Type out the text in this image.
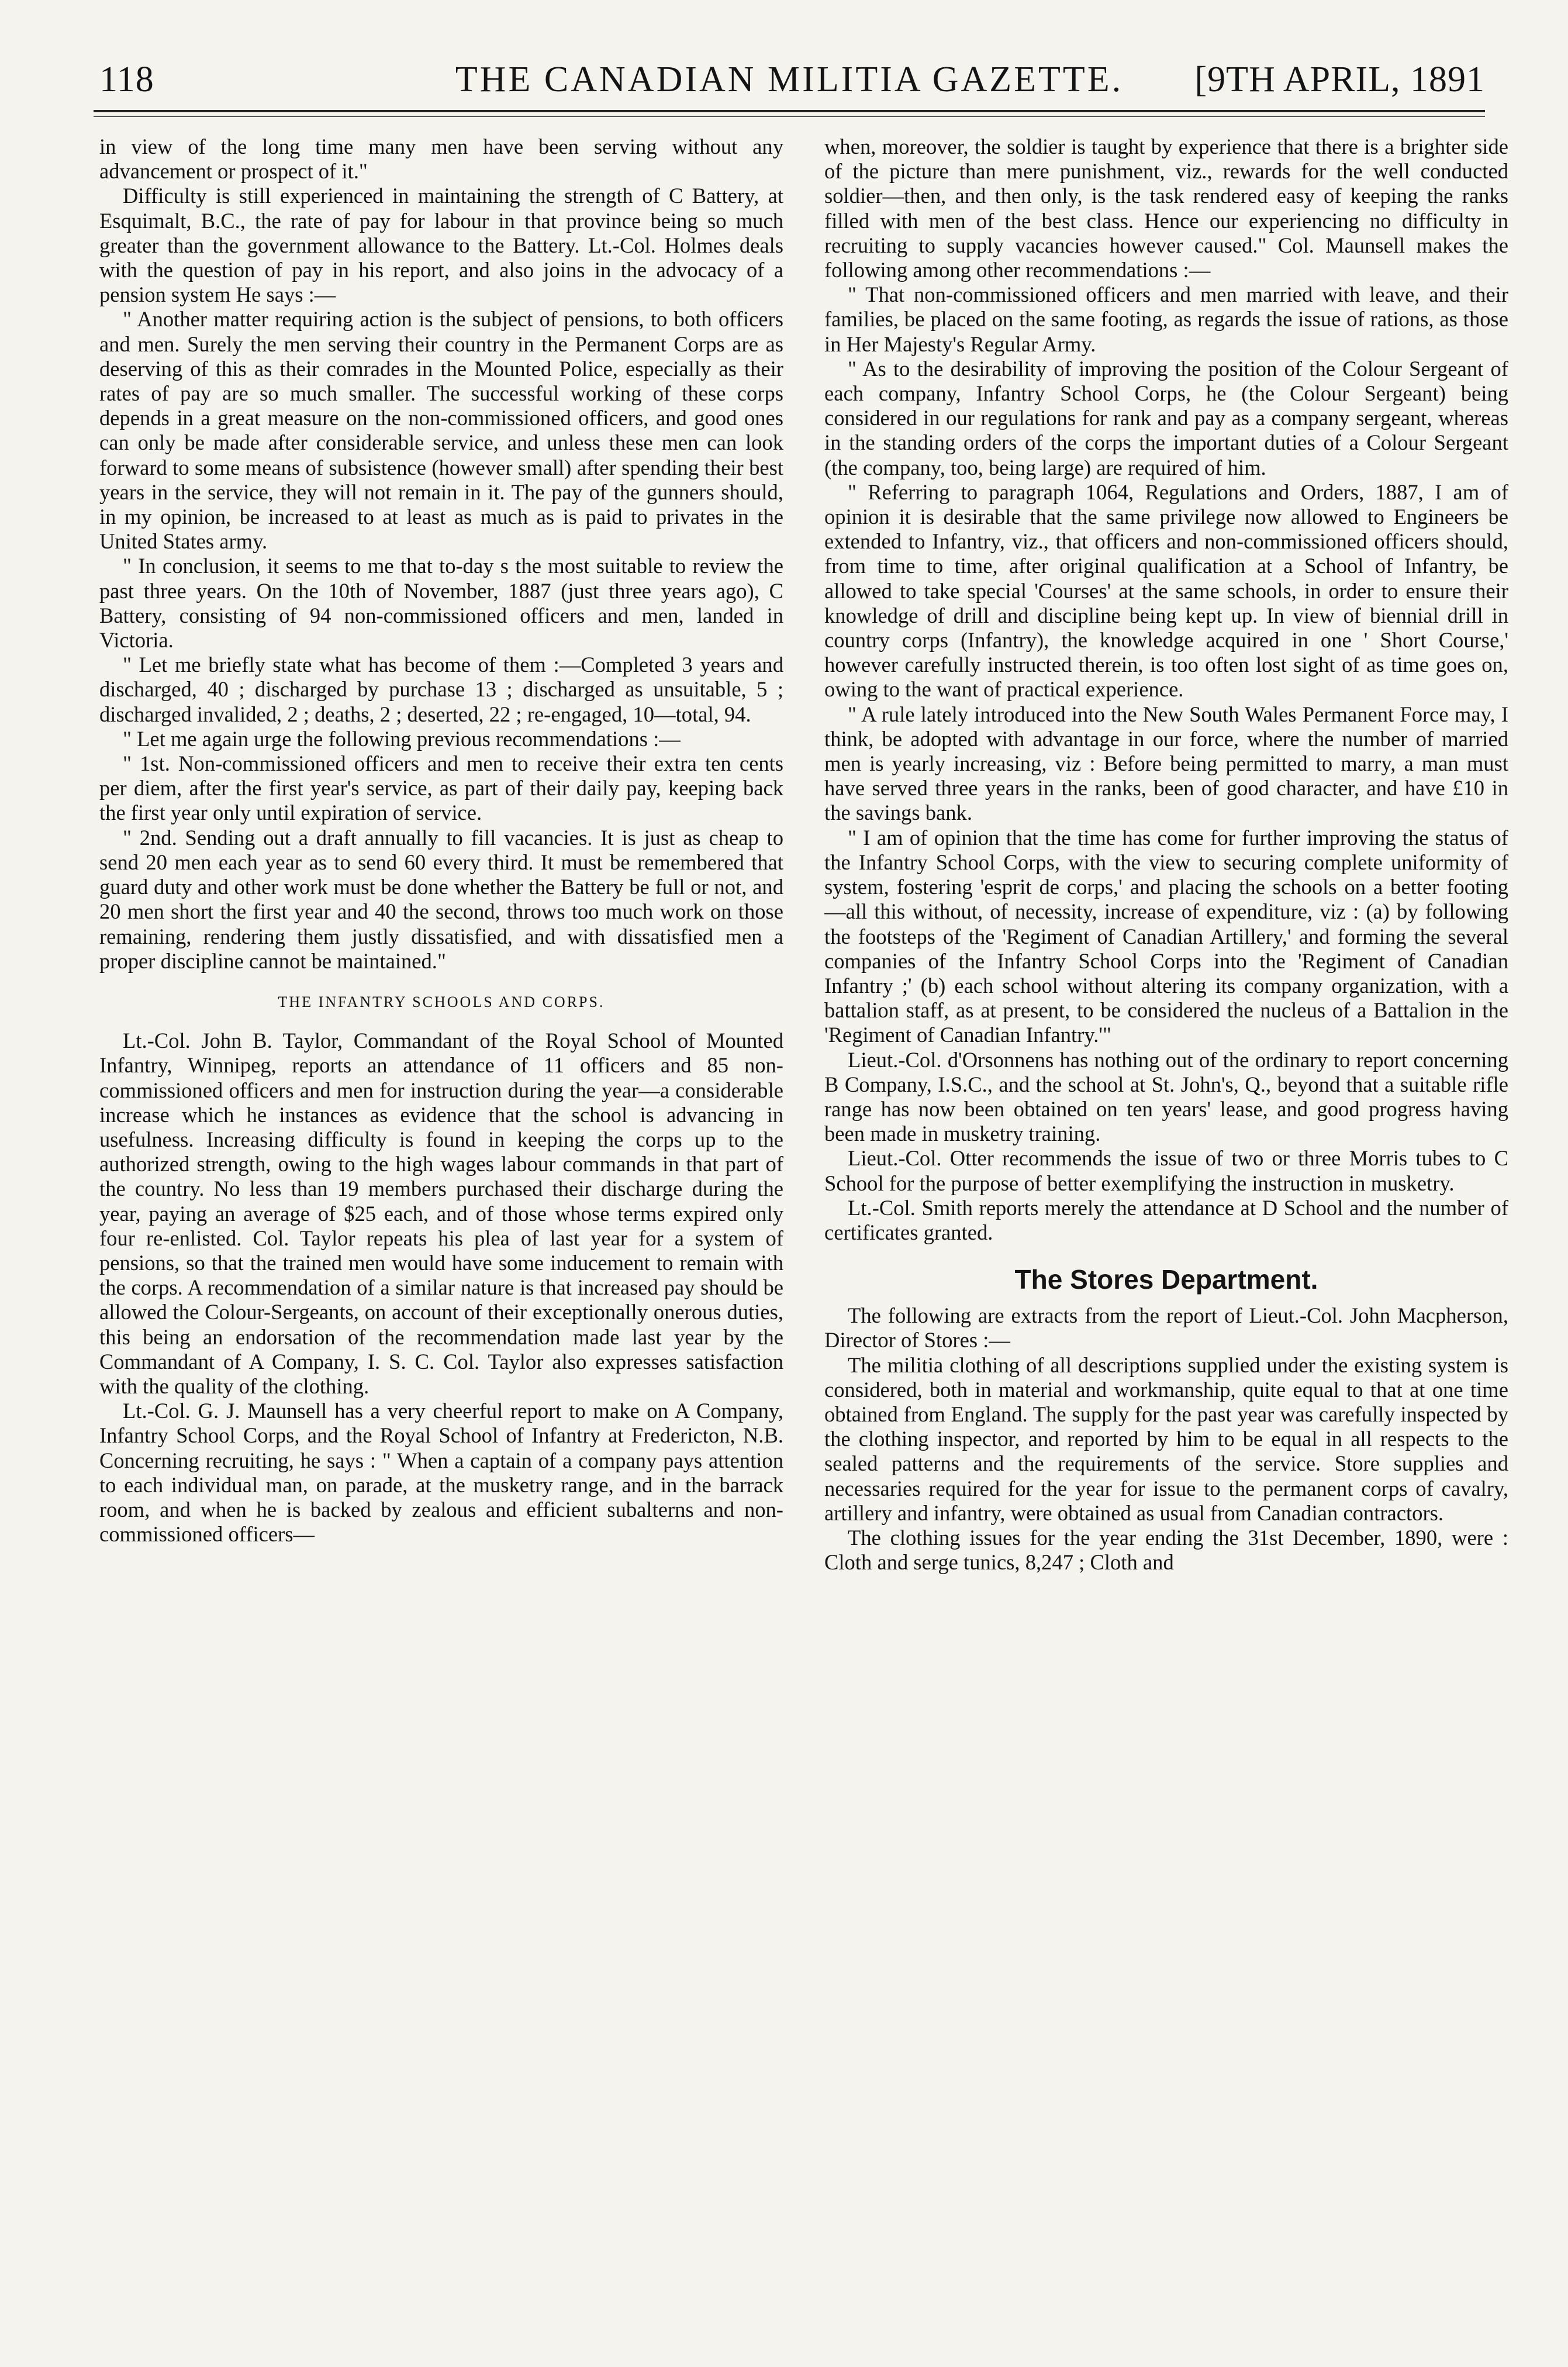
118	THE CANADIAN MILITIA GAZETTE.	[9TH APRIL, 1891

in view of the long time many men have been serving without any advancement or prospect of it."

Difficulty is still experienced in maintaining the strength of C Battery, at Esquimalt, B.C., the rate of pay for labour in that province being so much greater than the government allowance to the Battery. Lt.-Col. Holmes deals with the question of pay in his report, and also joins in the advocacy of a pension system He says :—

" Another matter requiring action is the subject of pensions, to both officers and men. Surely the men serving their country in the Permanent Corps are as deserving of this as their comrades in the Mounted Police, especially as their rates of pay are so much smaller. The successful working of these corps depends in a great measure on the non-commissioned officers, and good ones can only be made after considerable service, and unless these men can look forward to some means of subsistence (however small) after spending their best years in the service, they will not remain in it. The pay of the gunners should, in my opinion, be increased to at least as much as is paid to privates in the United States army.

" In conclusion, it seems to me that to-day s the most suitable to review the past three years. On the 10th of November, 1887 (just three years ago), C Battery, consisting of 94 non-commissioned officers and men, landed in Victoria.

" Let me briefly state what has become of them :—Completed 3 years and discharged, 40 ; discharged by purchase 13 ; discharged as unsuitable, 5 ; discharged invalided, 2 ; deaths, 2 ; deserted, 22 ; re-engaged, 10—total, 94.

" Let me again urge the following previous recommendations :—

" 1st. Non-commissioned officers and men to receive their extra ten cents per diem, after the first year's service, as part of their daily pay, keeping back the first year only until expiration of service.

" 2nd. Sending out a draft annually to fill vacancies. It is just as cheap to send 20 men each year as to send 60 every third. It must be remembered that guard duty and other work must be done whether the Battery be full or not, and 20 men short the first year and 40 the second, throws too much work on those remaining, rendering them justly dissatisfied, and with dissatisfied men a proper discipline cannot be maintained."

THE INFANTRY SCHOOLS AND CORPS.

Lt.-Col. John B. Taylor, Commandant of the Royal School of Mounted Infantry, Winnipeg, reports an attendance of 11 officers and 85 non-commissioned officers and men for instruction during the year—a considerable increase which he instances as evidence that the school is advancing in usefulness. Increasing difficulty is found in keeping the corps up to the authorized strength, owing to the high wages labour commands in that part of the country. No less than 19 members purchased their discharge during the year, paying an average of $25 each, and of those whose terms expired only four re-enlisted. Col. Taylor repeats his plea of last year for a system of pensions, so that the trained men would have some inducement to remain with the corps. A recommendation of a similar nature is that increased pay should be allowed the Colour-Sergeants, on account of their exceptionally onerous duties, this being an endorsation of the recommendation made last year by the Commandant of A Company, I. S. C. Col. Taylor also expresses satisfaction with the quality of the clothing.

Lt.-Col. G. J. Maunsell has a very cheerful report to make on A Company, Infantry School Corps, and the Royal School of Infantry at Fredericton, N.B. Concerning recruiting, he says : " When a captain of a company pays attention to each individual man, on parade, at the musketry range, and in the barrack room, and when he is backed by zealous and efficient subalterns and non-commissioned officers—

when, moreover, the soldier is taught by experience that there is a brighter side of the picture than mere punishment, viz., rewards for the well conducted soldier—then, and then only, is the task rendered easy of keeping the ranks filled with men of the best class. Hence our experiencing no difficulty in recruiting to supply vacancies however caused." Col. Maunsell makes the following among other recommendations :—

" That non-commissioned officers and men married with leave, and their families, be placed on the same footing, as regards the issue of rations, as those in Her Majesty's Regular Army.

" As to the desirability of improving the position of the Colour Sergeant of each company, Infantry School Corps, he (the Colour Sergeant) being considered in our regulations for rank and pay as a company sergeant, whereas in the standing orders of the corps the important duties of a Colour Sergeant (the company, too, being large) are required of him.

" Referring to paragraph 1064, Regulations and Orders, 1887, I am of opinion it is desirable that the same privilege now allowed to Engineers be extended to Infantry, viz., that officers and non-commissioned officers should, from time to time, after original qualification at a School of Infantry, be allowed to take special 'Courses' at the same schools, in order to ensure their knowledge of drill and discipline being kept up. In view of biennial drill in country corps (Infantry), the knowledge acquired in one ' Short Course,' however carefully instructed therein, is too often lost sight of as time goes on, owing to the want of practical experience.

" A rule lately introduced into the New South Wales Permanent Force may, I think, be adopted with advantage in our force, where the number of married men is yearly increasing, viz : Before being permitted to marry, a man must have served three years in the ranks, been of good character, and have £10 in the savings bank.

" I am of opinion that the time has come for further improving the status of the Infantry School Corps, with the view to securing complete uniformity of system, fostering 'esprit de corps,' and placing the schools on a better footing —all this without, of necessity, increase of expenditure, viz : (a) by following the footsteps of the 'Regiment of Canadian Artillery,' and forming the several companies of the Infantry School Corps into the 'Regiment of Canadian Infantry ;' (b) each school without altering its company organization, with a battalion staff, as at present, to be considered the nucleus of a Battalion in the 'Regiment of Canadian Infantry.'"

Lieut.-Col. d'Orsonnens has nothing out of the ordinary to report concerning B Company, I.S.C., and the school at St. John's, Q., beyond that a suitable rifle range has now been obtained on ten years' lease, and good progress having been made in musketry training.

Lieut.-Col. Otter recommends the issue of two or three Morris tubes to C School for the purpose of better exemplifying the instruction in musketry.

Lt.-Col. Smith reports merely the attendance at D School and the number of certificates granted.

The Stores Department.

The following are extracts from the report of Lieut.-Col. John Macpherson, Director of Stores :—

The militia clothing of all descriptions supplied under the existing system is considered, both in material and workmanship, quite equal to that at one time obtained from England. The supply for the past year was carefully inspected by the clothing inspector, and reported by him to be equal in all respects to the sealed patterns and the requirements of the service. Store supplies and necessaries required for the year for issue to the permanent corps of cavalry, artillery and infantry, were obtained as usual from Canadian contractors.

The clothing issues for the year ending the 31st December, 1890, were : Cloth and serge tunics, 8,247 ; Cloth and
